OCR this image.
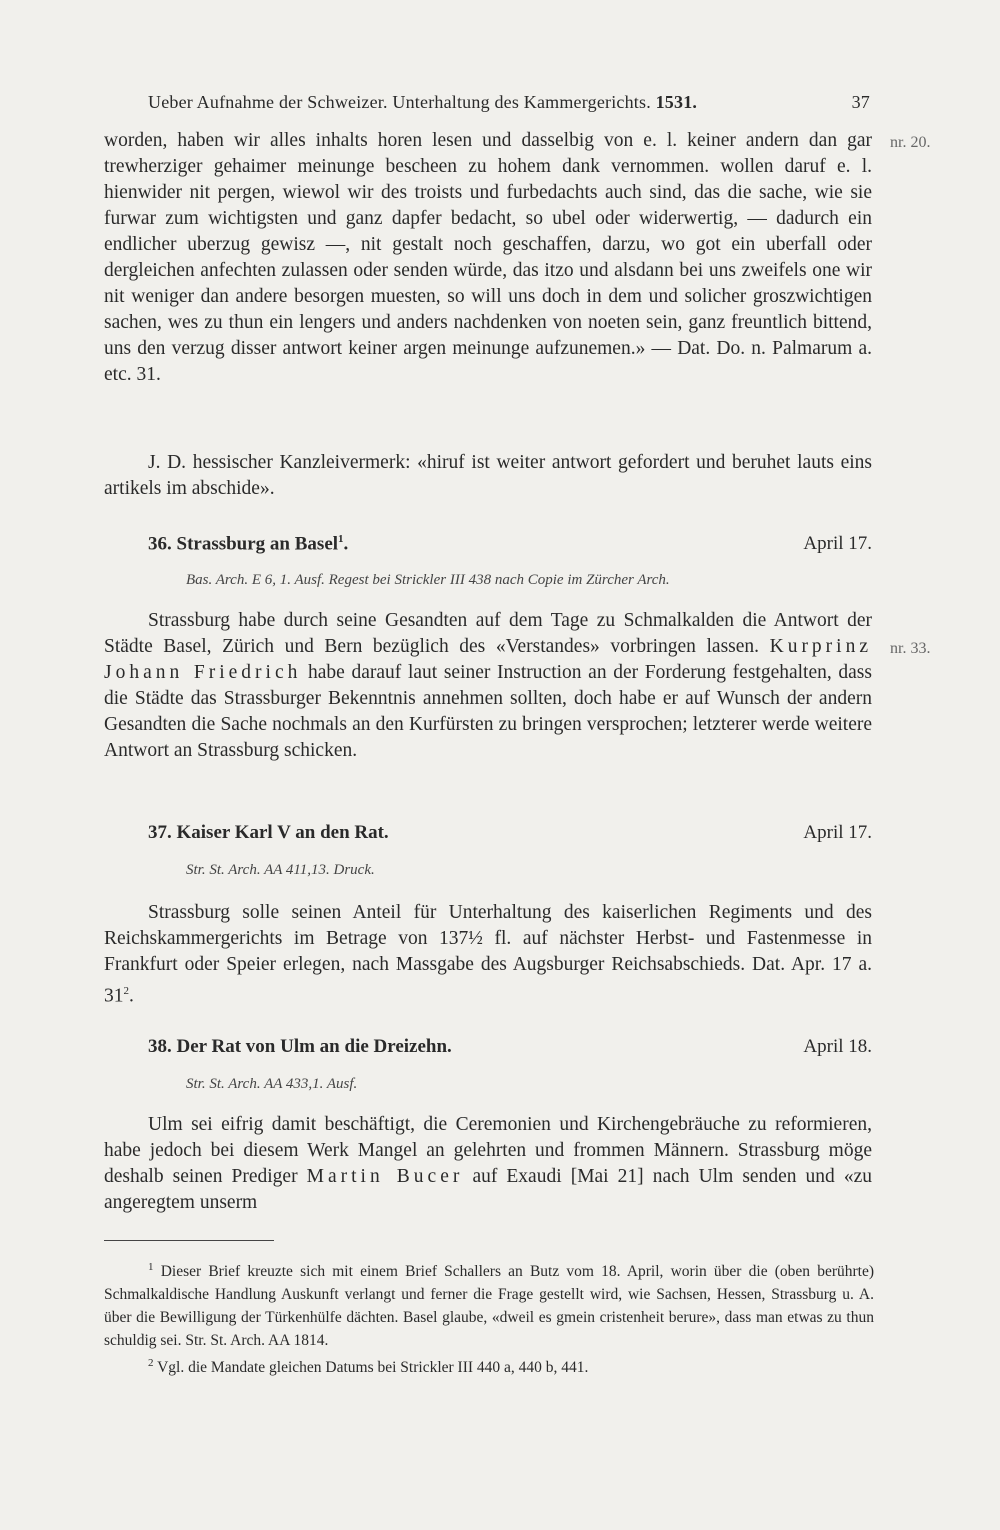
Ueber Aufnahme der Schweizer. Unterhaltung des Kammergerichts. 1531.	37

worden, haben wir alles inhalts horen lesen und dasselbig von e. l. keiner andern dan gar trewherziger gehaimer meinunge bescheen zu hohem dank vernommen. wollen daruf e. l. hienwider nit pergen, wiewol wir des troists und furbedachts auch sind, das die sache, wie sie furwar zum wichtigsten und ganz dapfer bedacht, so ubel oder widerwertig, — dadurch ein endlicher uberzug gewisz —, nit gestalt noch geschaffen, darzu, wo got ein uberfall oder dergleichen anfechten zulassen oder senden würde, das itzo und alsdann bei uns zweifels one wir nit weniger dan andere besorgen muesten, so will uns doch in dem und solicher groszwichtigen sachen, wes zu thun ein lengers und anders nachdenken von noeten sein, ganz freuntlich bittend, uns den verzug disser antwort keiner argen meinunge aufzunemen.» — Dat. Do. n. Palmarum a. etc. 31.

nr. 20.

J. D. hessischer Kanzleivermerk: «hiruf ist weiter antwort gefordert und beruhet lauts eins artikels im abschide».

36. Strassburg an Basel$^1$.	April 17.
Bas. Arch. E 6, 1. Ausf. Regest bei Strickler III 438 nach Copie im Zürcher Arch.

Strassburg habe durch seine Gesandten auf dem Tage zu Schmalkalden die Antwort der Städte Basel, Zürich und Bern bezüglich des «Verstandes» vorbringen lassen. Kurprinz Johann Friedrich habe darauf laut seiner Instruction an der Forderung festgehalten, dass die Städte das Strassburger Bekenntnis annehmen sollten, doch habe er auf Wunsch der andern Gesandten die Sache nochmals an den Kurfürsten zu bringen versprochen; letzterer werde weitere Antwort an Strassburg schicken.

nr. 33.
37. Kaiser Karl V an den Rat.	April 17.
Str. St. Arch. AA 411,13. Druck.

Strassburg solle seinen Anteil für Unterhaltung des kaiserlichen Regiments und des Reichskammergerichts im Betrage von 137½ fl. auf nächster Herbst- und Fastenmesse in Frankfurt oder Speier erlegen, nach Massgabe des Augsburger Reichsabschieds. Dat. Apr. 17 a. $31^2$.

38. Der Rat von Ulm an die Dreizehn.	April 18.
Str. St. Arch. AA 433,1. Ausf.

Ulm sei eifrig damit beschäftigt, die Ceremonien und Kirchengebräuche zu reformieren, habe jedoch bei diesem Werk Mangel an gelehrten und frommen Männern. Strassburg möge deshalb seinen Prediger Martin Bucer auf Exaudi [Mai 21] nach Ulm senden und «zu angeregtem unserm

$^1$ Dieser Brief kreuzte sich mit einem Brief Schallers an Butz vom 18. April, worin über die (oben berührte) Schmalkaldische Handlung Auskunft verlangt und ferner die Frage gestellt wird, wie Sachsen, Hessen, Strassburg u. A. über die Bewilligung der Türkenhülfe dächten. Basel glaube, «dweil es gmein cristenheit berure», dass man etwas zu thun schuldig sei. Str. St. Arch. AA 1814.

$^2$ Vgl. die Mandate gleichen Datums bei Strickler III 440 a, 440 b, 441.
